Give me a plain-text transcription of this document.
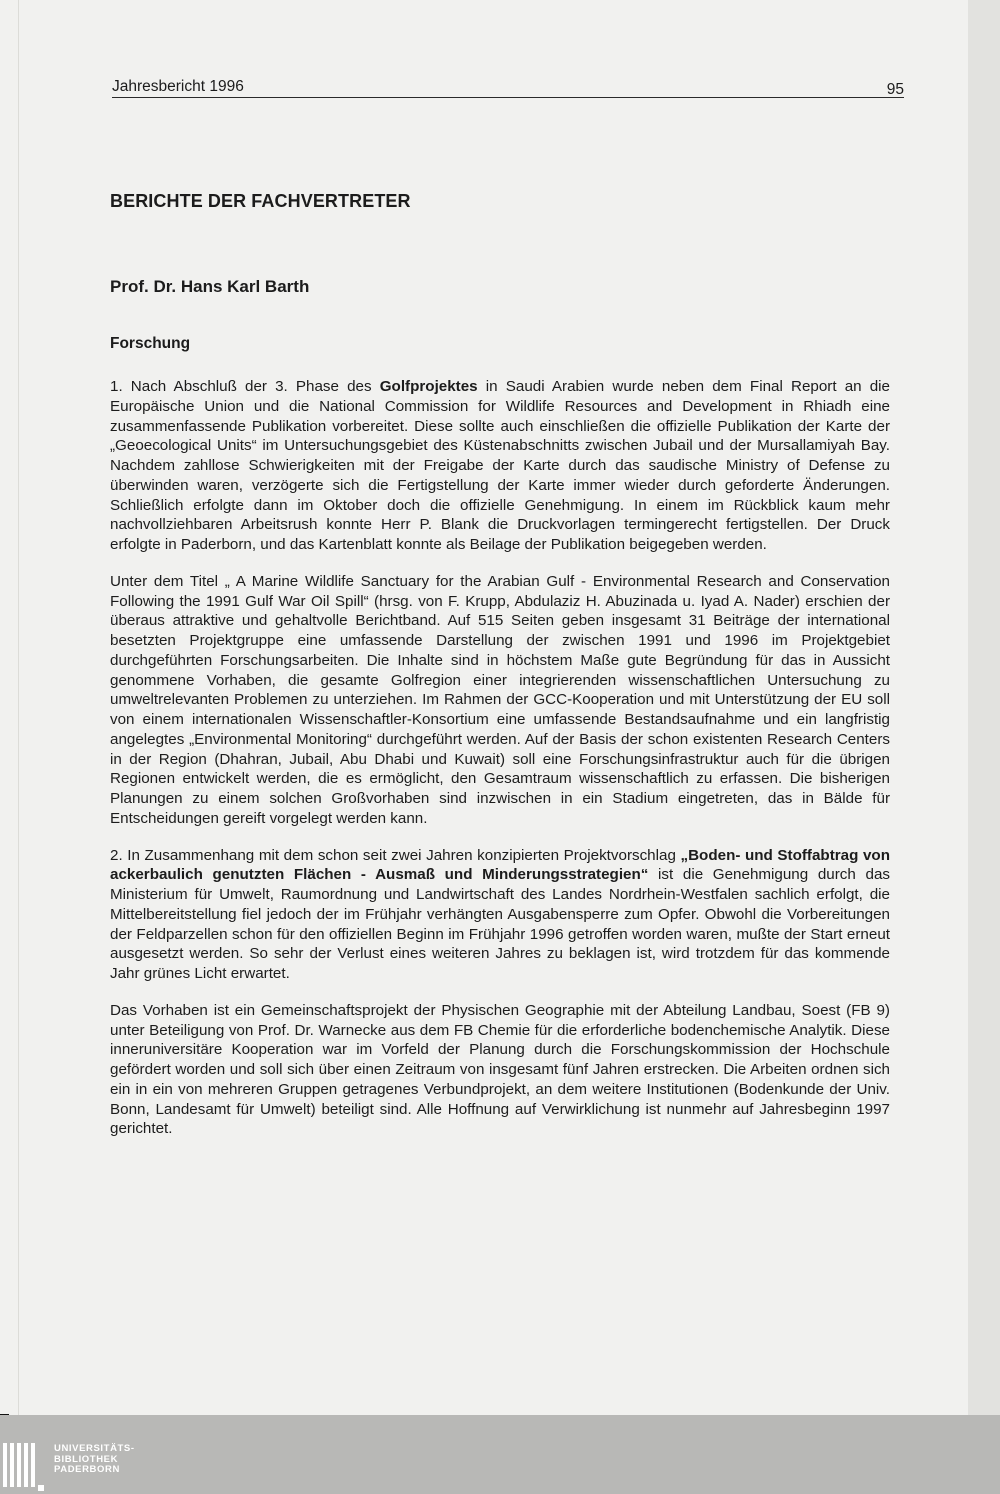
Jahresbericht 1996	95
BERICHTE DER FACHVERTRETER
Prof. Dr. Hans Karl Barth
Forschung

1. Nach Abschluß der 3. Phase des Golfprojektes in Saudi Arabien wurde neben dem Final Report an die Europäische Union und die National Commission for Wildlife Resources and Development in Rhiadh eine zusammenfassende Publikation vorbereitet. Diese sollte auch einschließen die offizielle Publikation der Karte der „Geoecological Units“ im Untersuchungsgebiet des Küstenabschnitts zwischen Jubail und der Mursallamiyah Bay. Nachdem zahllose Schwierigkeiten mit der Freigabe der Karte durch das saudische Ministry of Defense zu überwinden waren, verzögerte sich die Fertigstellung der Karte immer wieder durch geforderte Änderungen. Schließlich erfolgte dann im Oktober doch die offizielle Genehmigung. In einem im Rückblick kaum mehr nachvollziehbaren Arbeitsrush konnte Herr P. Blank die Druckvorlagen termingerecht fertigstellen. Der Druck erfolgte in Paderborn, und das Kartenblatt konnte als Beilage der Publikation beigegeben werden.

Unter dem Titel „ A Marine Wildlife Sanctuary for the Arabian Gulf - Environmental Research and Conservation Following the 1991 Gulf War Oil Spill“ (hrsg. von F. Krupp, Abdulaziz H. Abuzinada u. Iyad A. Nader) erschien der überaus attraktive und gehaltvolle Berichtband. Auf 515 Seiten geben insgesamt 31 Beiträge der international besetzten Projektgruppe eine umfassende Darstellung der zwischen 1991 und 1996 im Projektgebiet durchgeführten Forschungsarbeiten. Die Inhalte sind in höchstem Maße gute Begründung für das in Aussicht genommene Vorhaben, die gesamte Golfregion einer integrierenden wissenschaftlichen Untersuchung zu umweltrelevanten Problemen zu unterziehen. Im Rahmen der GCC-Kooperation und mit Unterstützung der EU soll von einem internationalen Wissenschaftler-Konsortium eine umfassende Bestandsaufnahme und ein langfristig angelegtes „Environmental Monitoring“ durchgeführt werden. Auf der Basis der schon existenten Research Centers in der Region (Dhahran, Jubail, Abu Dhabi und Kuwait) soll eine Forschungsinfrastruktur auch für die übrigen Regionen entwickelt werden, die es ermöglicht, den Gesamtraum wissenschaftlich zu erfassen. Die bisherigen Planungen zu einem solchen Großvorhaben sind inzwischen in ein Stadium eingetreten, das in Bälde für Entscheidungen gereift vorgelegt werden kann.

2. In Zusammenhang mit dem schon seit zwei Jahren konzipierten Projektvorschlag „Boden- und Stoffabtrag von ackerbaulich genutzten Flächen - Ausmaß und Minderungsstrategien“ ist die Genehmigung durch das Ministerium für Umwelt, Raumordnung und Landwirtschaft des Landes Nordrhein-Westfalen sachlich erfolgt, die Mittelbereitstellung fiel jedoch der im Frühjahr verhängten Ausgabensperre zum Opfer. Obwohl die Vorbereitungen der Feldparzellen schon für den offiziellen Beginn im Frühjahr 1996 getroffen worden waren, mußte der Start erneut ausgesetzt werden. So sehr der Verlust eines weiteren Jahres zu beklagen ist, wird trotzdem für das kommende Jahr grünes Licht erwartet.

Das Vorhaben ist ein Gemeinschaftsprojekt der Physischen Geographie mit der Abteilung Landbau, Soest (FB 9) unter Beteiligung von Prof. Dr. Warnecke aus dem FB Chemie für die erforderliche bodenchemische Analytik. Diese inneruniversitäre Kooperation war im Vorfeld der Planung durch die Forschungskommission der Hochschule gefördert worden und soll sich über einen Zeitraum von insgesamt fünf Jahren erstrecken. Die Arbeiten ordnen sich ein in ein von mehreren Gruppen getragenes Verbundprojekt, an dem weitere Institutionen (Bodenkunde der Univ. Bonn, Landesamt für Umwelt) beteiligt sind. Alle Hoffnung auf Verwirklichung ist nunmehr auf Jahresbeginn 1997 gerichtet.

UNIVERSITÄTS-
BIBLIOTHEK
PADERBORN
